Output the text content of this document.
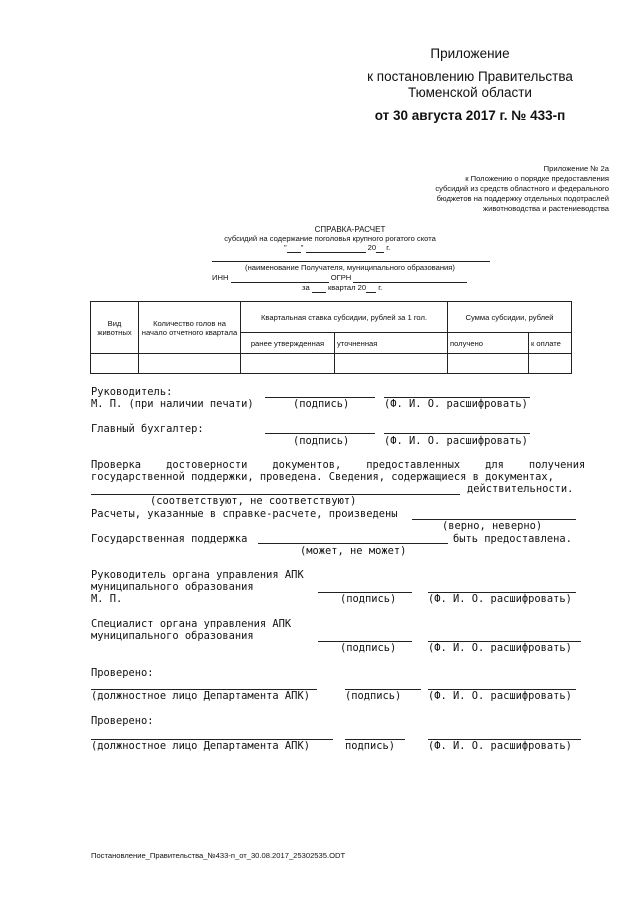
Приложение
к постановлению Правительства
Тюменской области
от 30 августа 2017 г. № 433-п
Приложение № 2а
к Положению о порядке предоставления
субсидий из средств областного и федерального
бюджетов на поддержку отдельных подотраслей
животноводства и растениеводства
СПРАВКА-РАСЧЕТ
субсидий на содержание поголовья крупного рогатого скота
" "	20 г.
(наименование Получателя, муниципального образования)
ИНН	ОГРН
за квартал 20 г.
Вид животных	Количество голов на начало отчетного квартала	Квартальная ставка субсидии, рублей за 1 гол.		Сумма субсидии, рублей	
		ранее утвержденная	уточненная	получено	к оплате

Руководитель:
М. П. (при наличии печати)	(подпись)	(Ф. И. О. расшифровать)
Главный бухгалтер:
(подпись)	(Ф. И. О. расшифровать)
Проверка    достоверности    документов,    предоставленных    для    получения
государственной поддержки, проведена. Сведения, содержащиеся в документах,
действительности.
(соответствуют, не соответствуют)
Расчеты, указанные в справке-расчете, произведены
(верно, неверно)
Государственная поддержка	быть предоставлена.
(может, не может)
Руководитель органа управления АПК
муниципального образования
М. П.	(подпись)	(Ф. И. О. расшифровать)
Специалист органа управления АПК
муниципального образования
(подпись)	(Ф. И. О. расшифровать)
Проверено:
(должностное лицо Департамента АПК)	(подпись)	(Ф. И. О. расшифровать)
Проверено:
(должностное лицо Департамента АПК)	подпись)	(Ф. И. О. расшифровать)
Постановление_Правительства_№433-п_от_30.08.2017_25302535.ODT
